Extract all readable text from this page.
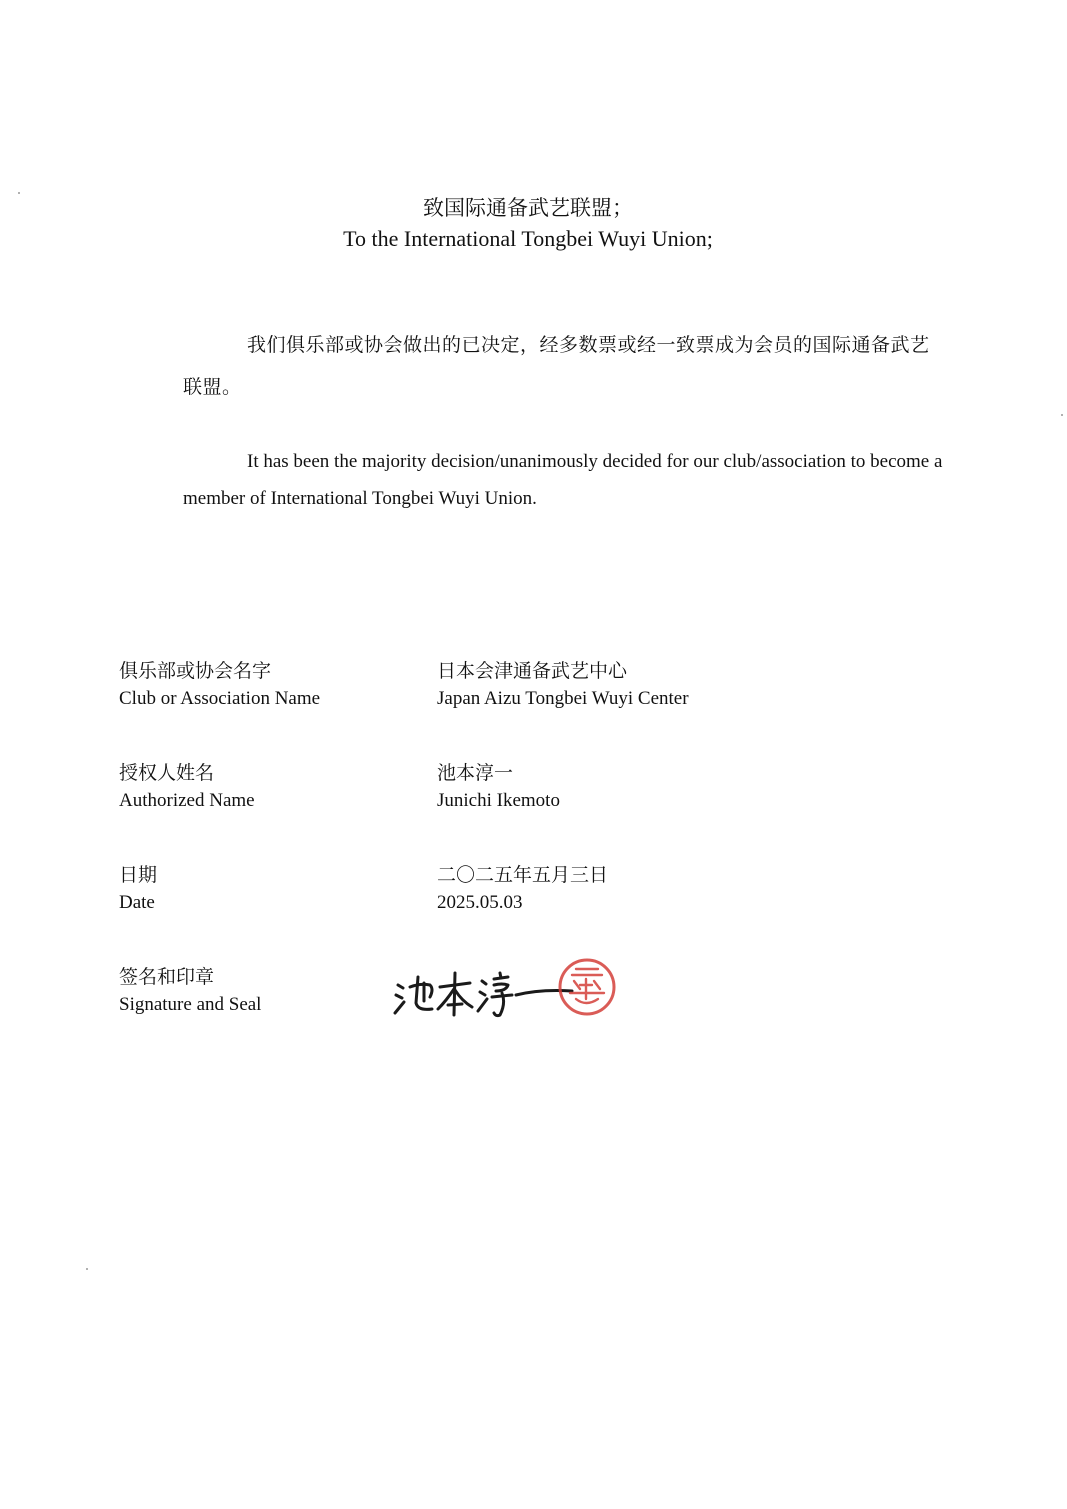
致国际通备武艺联盟；
To the International Tongbei Wuyi Union;
我们俱乐部或协会做出的已决定，经多数票或经一致票成为会员的国际通备武艺联盟。
It has been the majority decision/unanimously decided for our club/association to become a member of International Tongbei Wuyi Union.
俱乐部或协会名字
Club or Association Name
日本会津通备武艺中心
Japan Aizu Tongbei Wuyi Center
授权人姓名
Authorized Name
池本淳一
Junichi Ikemoto
日期
Date
二〇二五年五月三日
2025.05.03
签名和印章
Signature and Seal
